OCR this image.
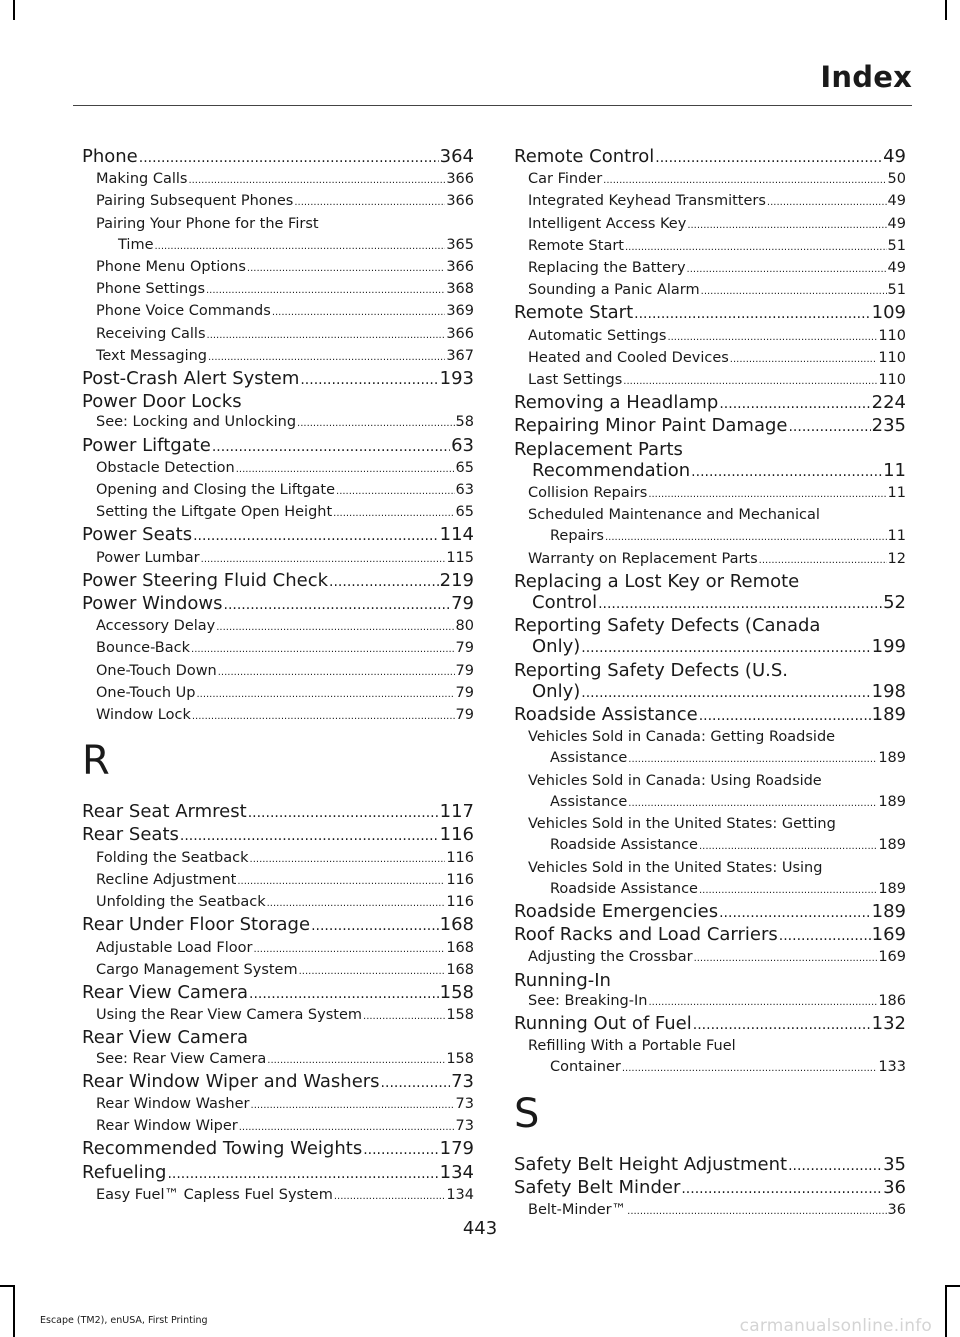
Index
Phone .....	364
Making Calls .....	366
Pairing Subsequent Phones .....	366
Pairing Your Phone for the First
Time .....	365
Phone Menu Options .....	366
Phone Settings .....	368
Phone Voice Commands .....	369
Receiving Calls .....	366
Text Messaging .....	367
Post-Crash Alert System .....	193
Power Door Locks
See: Locking and Unlocking .....	58
Power Liftgate .....	63
Obstacle Detection .....	65
Opening and Closing the Liftgate .....	63
Setting the Liftgate Open Height .....	65
Power Seats .....	114
Power Lumbar .....	115
Power Steering Fluid Check .....	219
Power Windows .....	79
Accessory Delay .....	80
Bounce-Back .....	79
One-Touch Down .....	79
One-Touch Up .....	79
Window Lock .....	79
R
Rear Seat Armrest .....	117
Rear Seats .....	116
Folding the Seatback .....	116
Recline Adjustment .....	116
Unfolding the Seatback .....	116
Rear Under Floor Storage .....	168
Adjustable Load Floor .....	168
Cargo Management System .....	168
Rear View Camera .....	158
Using the Rear View Camera System .....	158
Rear View Camera
See: Rear View Camera .....	158
Rear Window Wiper and Washers .....	73
Rear Window Washer .....	73
Rear Window Wiper .....	73
Recommended Towing Weights .....	179
Refueling .....	134
Easy Fuel™ Capless Fuel System .....	134
Remote Control .....	49
Car Finder .....	50
Integrated Keyhead Transmitters .....	49
Intelligent Access Key .....	49
Remote Start .....	51
Replacing the Battery .....	49
Sounding a Panic Alarm .....	51
Remote Start .....	109
Automatic Settings .....	110
Heated and Cooled Devices .....	110
Last Settings .....	110
Removing a Headlamp .....	224
Repairing Minor Paint Damage .....	235
Replacement Parts
Recommendation .....	11
Collision Repairs .....	11
Scheduled Maintenance and Mechanical
Repairs .....	11
Warranty on Replacement Parts .....	12
Replacing a Lost Key or Remote
Control .....	52
Reporting Safety Defects (Canada
Only) .....	199
Reporting Safety Defects (U.S.
Only) .....	198
Roadside Assistance .....	189
Vehicles Sold in Canada: Getting Roadside
Assistance .....	189
Vehicles Sold in Canada: Using Roadside
Assistance .....	189
Vehicles Sold in the United States: Getting
Roadside Assistance .....	189
Vehicles Sold in the United States: Using
Roadside Assistance .....	189
Roadside Emergencies .....	189
Roof Racks and Load Carriers .....	169
Adjusting the Crossbar .....	169
Running-In
See: Breaking-In .....	186
Running Out of Fuel .....	132
Refilling With a Portable Fuel
Container .....	133
S
Safety Belt Height Adjustment .....	35
Safety Belt Minder .....	36
Belt-Minder™ .....	36
443
Escape (TM2), enUSA, First Printing	carmanualsonline.info
